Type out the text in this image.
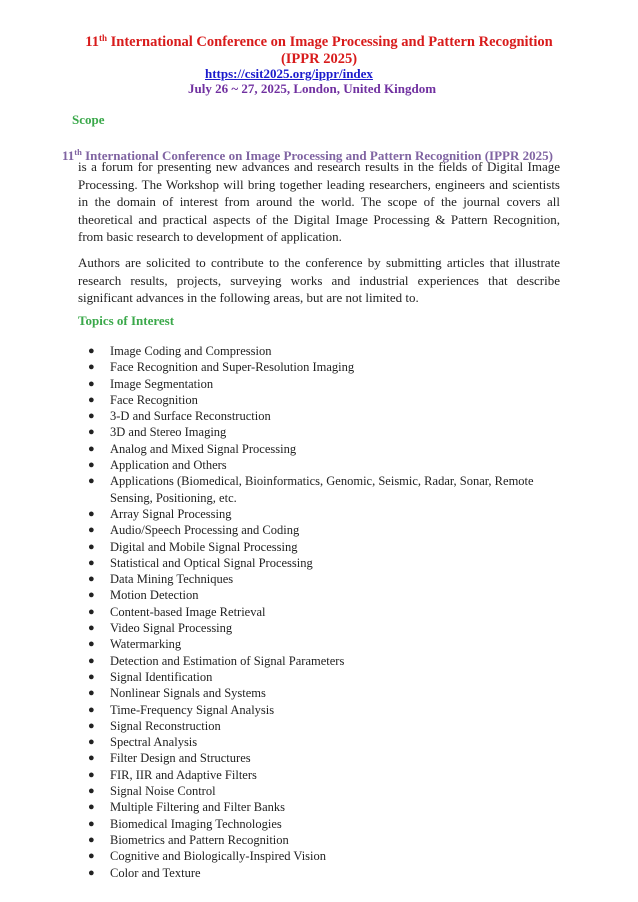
11th International Conference on Image Processing and Pattern Recognition
(IPPR 2025)
https://csit2025.org/ippr/index
July 26 ~ 27, 2025, London, United Kingdom
Scope
11th International Conference on Image Processing and Pattern Recognition (IPPR 2025)

is a forum for presenting new advances and research results in the fields of Digital Image Processing. The Workshop will bring together leading researchers, engineers and scientists in the domain of interest from around the world. The scope of the journal covers all theoretical and practical aspects of the Digital Image Processing & Pattern Recognition, from basic research to development of application.

Authors are solicited to contribute to the conference by submitting articles that illustrate research results, projects, surveying works and industrial experiences that describe significant advances in the following areas, but are not limited to.

Topics of Interest
● Image Coding and Compression
● Face Recognition and Super-Resolution Imaging
● Image Segmentation
● Face Recognition
● 3-D and Surface Reconstruction
● 3D and Stereo Imaging
● Analog and Mixed Signal Processing
● Application and Others
● Applications (Biomedical, Bioinformatics, Genomic, Seismic, Radar, Sonar, Remote Sensing, Positioning, etc.
● Array Signal Processing
● Audio/Speech Processing and Coding
● Digital and Mobile Signal Processing
● Statistical and Optical Signal Processing
● Data Mining Techniques
● Motion Detection
● Content-based Image Retrieval
● Video Signal Processing
● Watermarking
● Detection and Estimation of Signal Parameters
● Signal Identification
● Nonlinear Signals and Systems
● Time-Frequency Signal Analysis
● Signal Reconstruction
● Spectral Analysis
● Filter Design and Structures
● FIR, IIR and Adaptive Filters
● Signal Noise Control
● Multiple Filtering and Filter Banks
● Biomedical Imaging Technologies
● Biometrics and Pattern Recognition
● Cognitive and Biologically-Inspired Vision
● Color and Texture
